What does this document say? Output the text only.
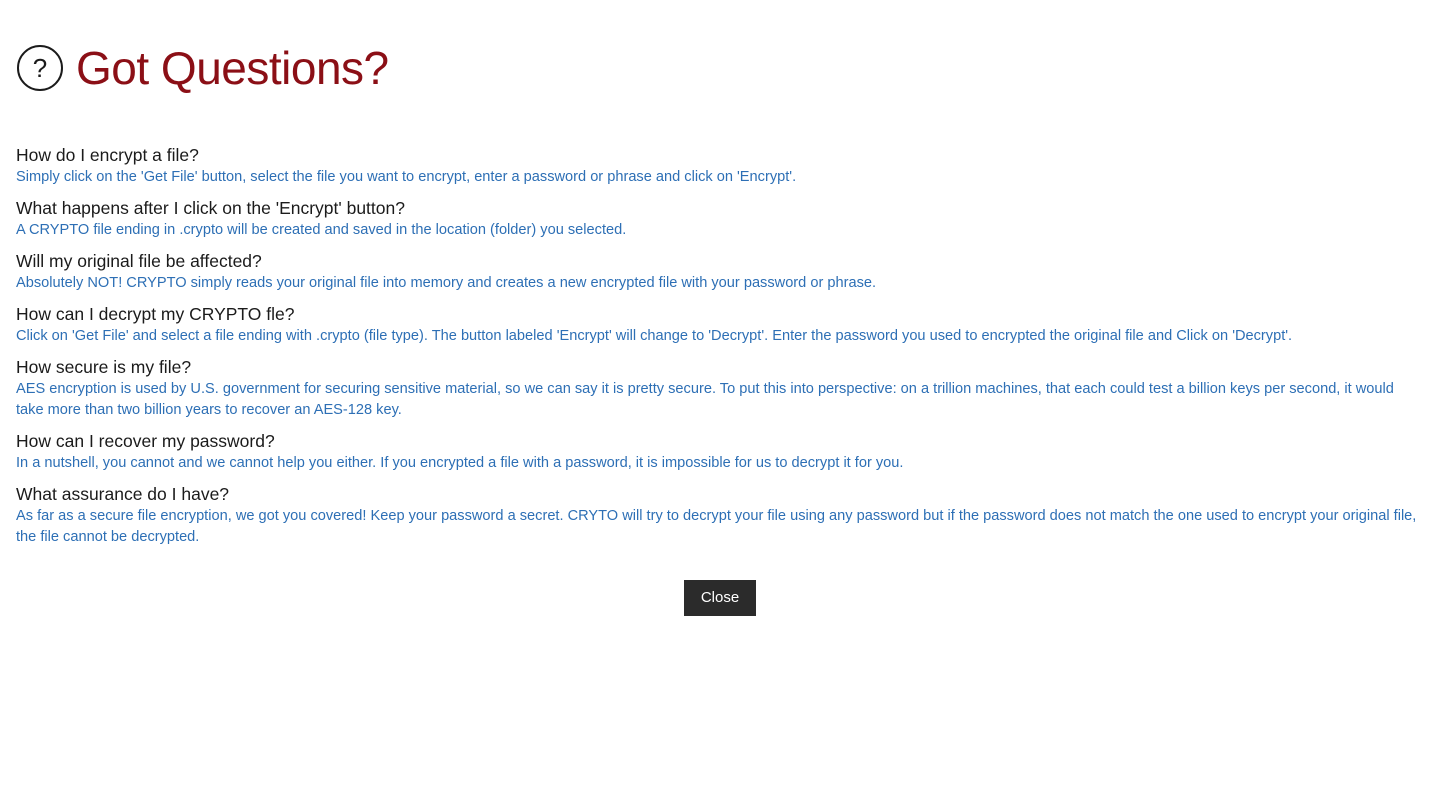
? Got Questions?

How do I encrypt a file?

Simply click on the 'Get File' button, select the file you want to encrypt, enter a password or phrase and click on 'Encrypt'.

What happens after I click on the 'Encrypt' button?

A CRYPTO file ending in .crypto will be created and saved in the location (folder) you selected.

Will my original file be affected?

Absolutely NOT! CRYPTO simply reads your original file into memory and creates a new encrypted file with your password or phrase.

How can I decrypt my CRYPTO fle?

Click on 'Get File' and select a file ending with .crypto (file type). The button labeled 'Encrypt' will change to 'Decrypt'. Enter the password you used to encrypted the original file and Click on 'Decrypt'.

How secure is my file?

AES encryption is used by U.S. government for securing sensitive material, so we can say it is pretty secure. To put this into perspective: on a trillion machines, that each could test a billion keys per second, it would take more than two billion years to recover an AES-128 key.

How can I recover my password?

In a nutshell, you cannot and we cannot help you either. If you encrypted a file with a password, it is impossible for us to decrypt it for you.

What assurance do I have?

As far as a secure file encryption, we got you covered! Keep your password a secret. CRYTO will try to decrypt your file using any password but if the password does not match the one used to encrypt your original file, the file cannot be decrypted.

Close
